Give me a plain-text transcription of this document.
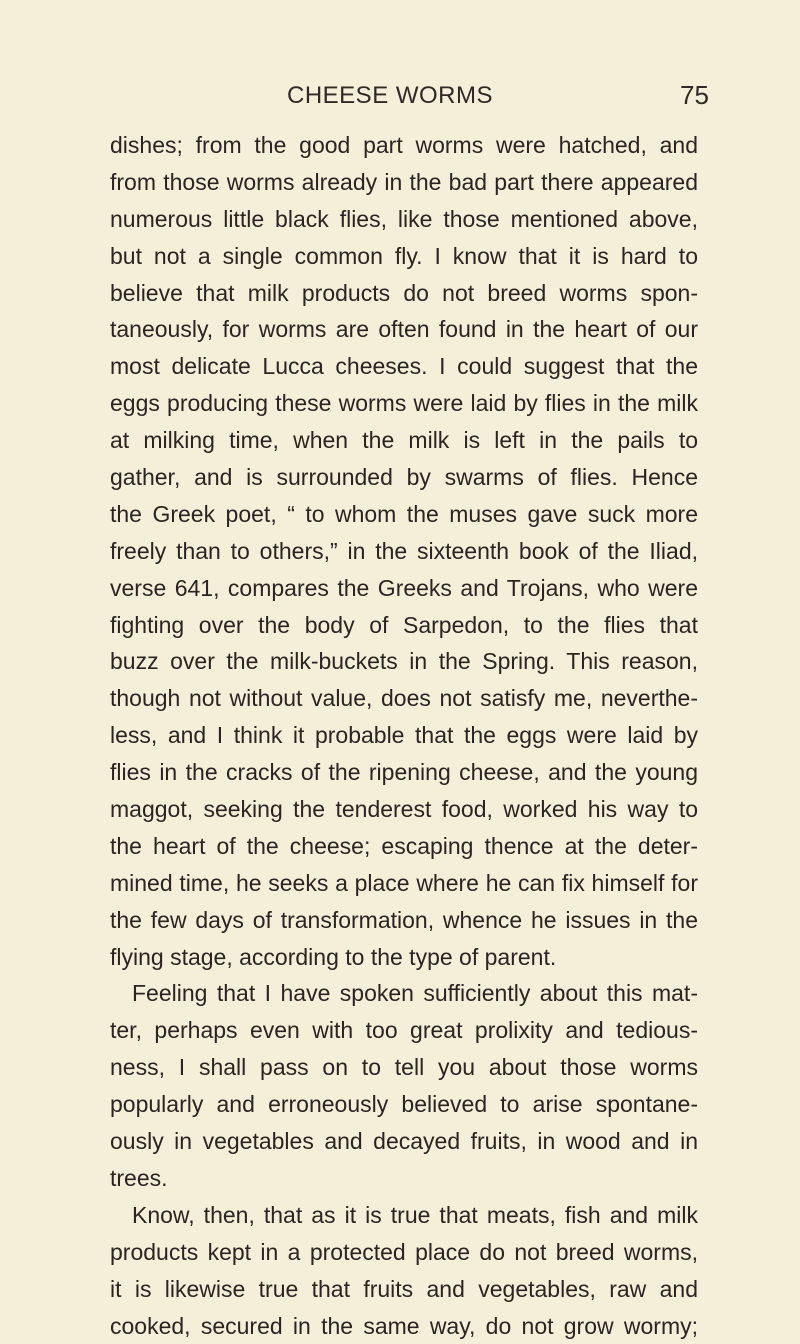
CHEESE WORMS	75
dishes; from the good part worms were hatched, and
from those worms already in the bad part there appeared
numerous little black flies, like those mentioned above,
but not a single common fly. I know that it is hard to
believe that milk products do not breed worms spon-
taneously, for worms are often found in the heart of our
most delicate Lucca cheeses. I could suggest that the
eggs producing these worms were laid by flies in the milk
at milking time, when the milk is left in the pails to
gather, and is surrounded by swarms of flies. Hence
the Greek poet, “ to whom the muses gave suck more
freely than to others,” in the sixteenth book of the Iliad,
verse 641, compares the Greeks and Trojans, who were
fighting over the body of Sarpedon, to the flies that
buzz over the milk-buckets in the Spring. This reason,
though not without value, does not satisfy me, neverthe-
less, and I think it probable that the eggs were laid by
flies in the cracks of the ripening cheese, and the young
maggot, seeking the tenderest food, worked his way to
the heart of the cheese; escaping thence at the deter-
mined time, he seeks a place where he can fix himself for
the few days of transformation, whence he issues in the
flying stage, according to the type of parent.
Feeling that I have spoken sufficiently about this mat-
ter, perhaps even with too great prolixity and tedious-
ness, I shall pass on to tell you about those worms
popularly and erroneously believed to arise spontane-
ously in vegetables and decayed fruits, in wood and in
trees.
Know, then, that as it is true that meats, fish and milk
products kept in a protected place do not breed worms,
it is likewise true that fruits and vegetables, raw and
cooked, secured in the same way, do not grow wormy;
